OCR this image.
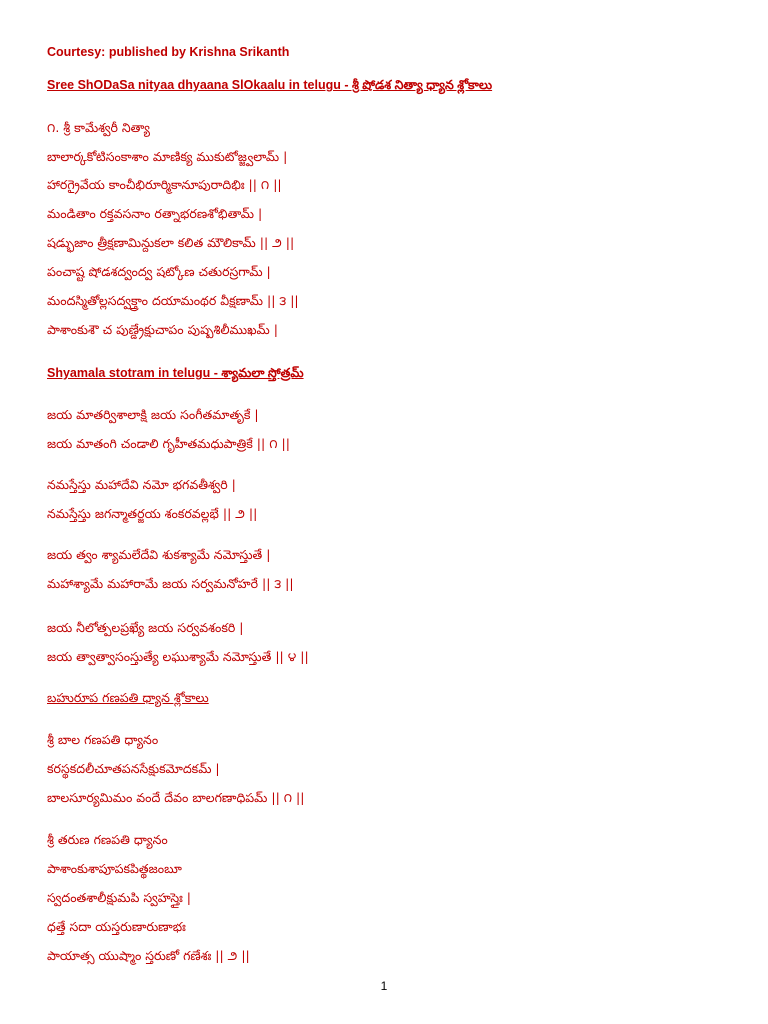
Courtesy: published by Krishna Srikanth
Sree ShODaSa nityaa dhyaana SlOkaalu in telugu - శ్రీ షోడశ నిత్యా ధ్యాన శ్లోకాలు
౧. శ్రీ కామేశ్వరీ నిత్యా
బాలార్కకోటిసంకాశాం మాణిక్య ముకుటోజ్జ్వలామ్ |
హారగ్రైవేయ కాంచీభిరూర్మికానూపురాదిభిః || ౧ ||
మండితాం రక్తవసనాం రత్నాభరణశోభితామ్ |
షడ్భుజాం త్రీక్షణామిన్దుకలా కలిత మౌలికామ్ || ౨ ||
పంచాష్ట షోడశద్వంద్వ షట్కోణ చతురస్రగామ్ |
మందస్మితోల్లసద్వక్త్రాం దయామంథర వీక్షణామ్ || ౩ ||
పాశాంకుశౌ చ పుణ్డ్రేక్షుచాపం పుష్పశిలీముఖమ్ |
Shyamala stotram in telugu - శ్యామలా స్తోత్రమ్
జయ మాతర్విశాలాక్షి జయ సంగీతమాతృకే |
జయ మాతంగి చండాలి గృహీతమధుపాత్రికే || ౧ ||
నమస్తేస్తు మహాదేవి నమో భగవతీశ్వరి |
నమస్తేస్తు జగన్మాతర్జయ శంకరవల్లభే || ౨ ||
జయ త్వం శ్యామలేదేవి శుకశ్యామే నమోస్తుతే |
మహాశ్యామే మహారామే జయ సర్వమనోహరే || ౩ ||
జయ నీలోత్పలప్రఖ్యే జయ సర్వవశంకరి |
జయ త్వాత్వాసంస్తుత్యే లఘుశ్యామే నమోస్తుతే || ౪ ||
బహురూప గణపతి ధ్యాన శ్లోకాలు
శ్రీ బాల గణపతి ధ్యానం
కరస్థకదలీచూతపనసేక్షుకమోదకమ్ |
బాలసూర్యమిమం వందే దేవం బాలగణాధిపమ్ || ౧ ||
శ్రీ తరుణ గణపతి ధ్యానం
పాశాంకుశాపూపకపిత్థజంబూ
స్వదంతశాలీక్షుమపి స్వహస్తైః |
ధత్తే సదా యస్తరుణారుణాభః
పాయాత్స యుష్మాం స్తరుణో గణేశః || ౨ ||
1
